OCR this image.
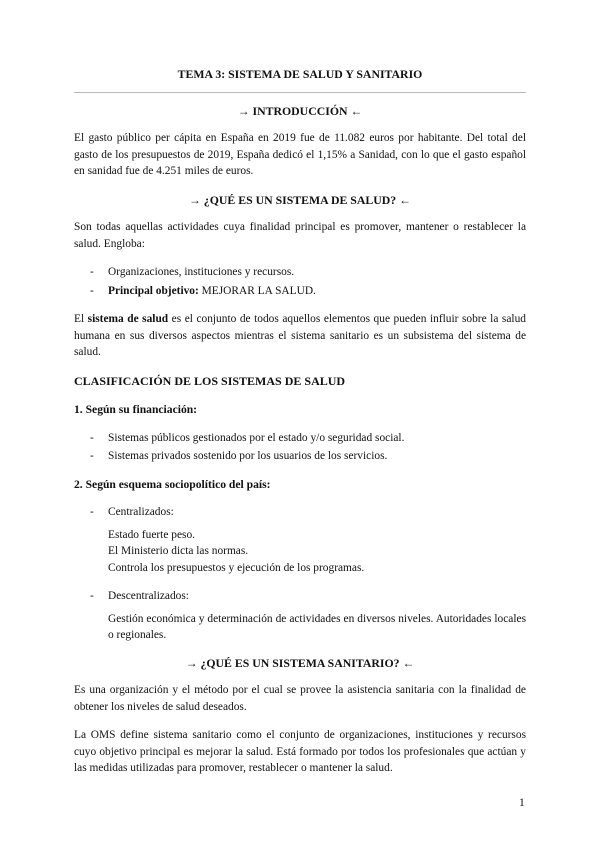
TEMA 3: SISTEMA DE SALUD Y SANITARIO
→ INTRODUCCIÓN ←

El gasto público per cápita en España en 2019 fue de 11.082 euros por habitante. Del total del gasto de los presupuestos de 2019, España dedicó el 1,15% a Sanidad, con lo que el gasto español en sanidad fue de 4.251 miles de euros.

→ ¿QUÉ ES UN SISTEMA DE SALUD? ←

Son todas aquellas actividades cuya finalidad principal es promover, mantener o restablecer la salud. Engloba:

- Organizaciones, instituciones y recursos.
- Principal objetivo: MEJORAR LA SALUD.

El sistema de salud es el conjunto de todos aquellos elementos que pueden influir sobre la salud humana en sus diversos aspectos mientras el sistema sanitario es un subsistema del sistema de salud.

CLASIFICACIÓN DE LOS SISTEMAS DE SALUD
1. Según su financiación:
- Sistemas públicos gestionados por el estado y/o seguridad social.
- Sistemas privados sostenido por los usuarios de los servicios.
2. Según esquema sociopolítico del país:
- Centralizados:
Estado fuerte peso.
El Ministerio dicta las normas.
Controla los presupuestos y ejecución de los programas.
- Descentralizados:

Gestión económica y determinación de actividades en diversos niveles. Autoridades locales o regionales.

→ ¿QUÉ ES UN SISTEMA SANITARIO? ←

Es una organización y el método por el cual se provee la asistencia sanitaria con la finalidad de obtener los niveles de salud deseados.

La OMS define sistema sanitario como el conjunto de organizaciones, instituciones y recursos cuyo objetivo principal es mejorar la salud. Está formado por todos los profesionales que actúan y las medidas utilizadas para promover, restablecer o mantener la salud.

1
